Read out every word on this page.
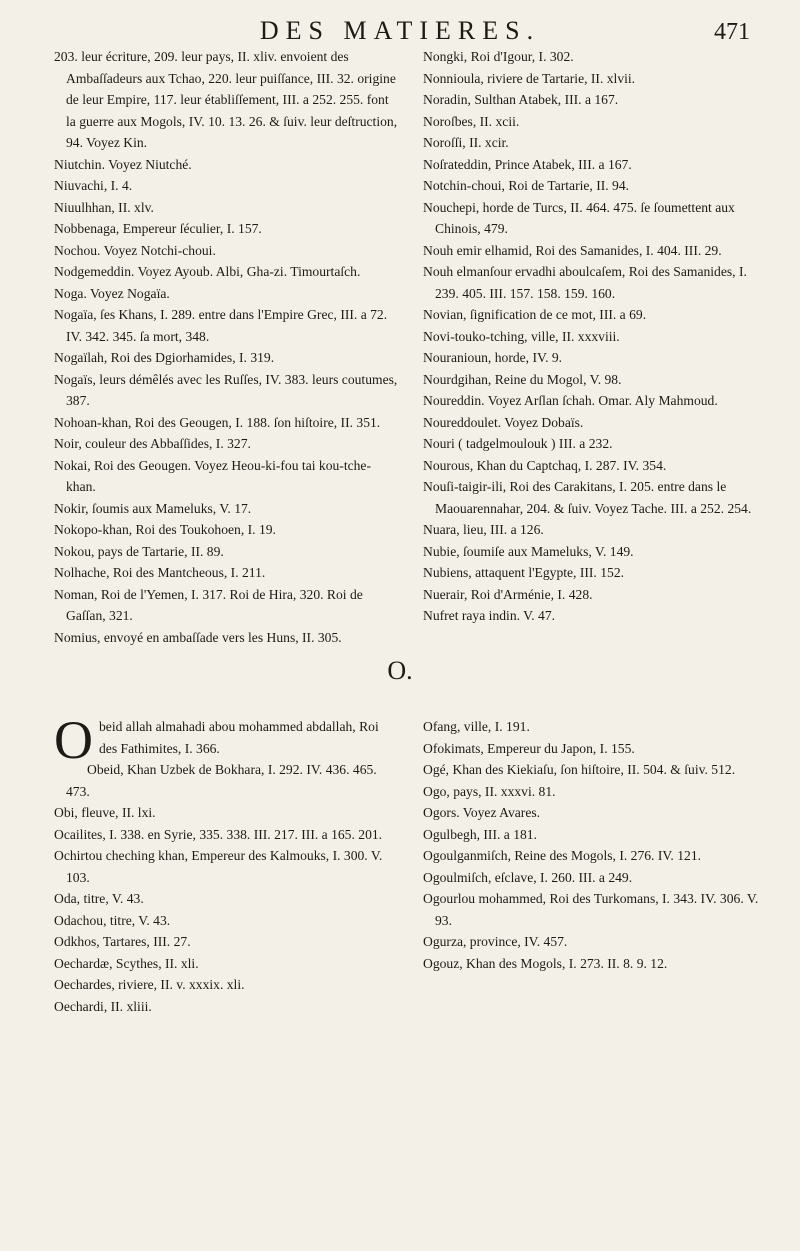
DES MATIERES.	471

203. leur écriture, 209. leur pays, II. xliv. envoient des Ambaſſadeurs aux Tchao, 220. leur puiſſance, III. 32. origine de leur Empire, 117. leur établiſſement, III. a 252. 255. font la guerre aux Mogols, IV. 10. 13. 26. & ſuiv. leur deſtruction, 94. Voyez Kin.

Niutchin. Voyez Niutché.

Niuvachi, I. 4.

Niuulhhan, II. xlv.

Nobbenaga, Empereur ſéculier, I. 157.

Nochou. Voyez Notchi-choui.

Nodgemeddin. Voyez Ayoub. Albi, Gha-zi. Timourtaſch.

Noga. Voyez Nogaïa.

Nogaïa, ſes Khans, I. 289. entre dans l'Empire Grec, III. a 72. IV. 342. 345. ſa mort, 348.

Nogaïlah, Roi des Dgiorhamides, I. 319.

Nogaïs, leurs démêlés avec les Ruſſes, IV. 383. leurs coutumes, 387.

Nohoan-khan, Roi des Geougen, I. 188. ſon hiſtoire, II. 351.

Noir, couleur des Abbaſſides, I. 327.

Nokai, Roi des Geougen. Voyez Heou-ki-fou tai kou-tche-khan.

Nokir, ſoumis aux Mameluks, V. 17.

Nokopo-khan, Roi des Toukohoen, I. 19.

Nokou, pays de Tartarie, II. 89.

Nolhache, Roi des Mantcheous, I. 211.

Noman, Roi de l'Yemen, I. 317. Roi de Hira, 320. Roi de Gaſſan, 321.

Nomius, envoyé en ambaſſade vers les Huns, II. 305.

Nongki, Roi d'Igour, I. 302.

Nonnioula, riviere de Tartarie, II. xlvii.

Noradin, Sulthan Atabek, III. a 167.

Noroſbes, II. xcii.

Noroſſi, II. xcir.

Noſrateddin, Prince Atabek, III. a 167.

Notchin-choui, Roi de Tartarie, II. 94.

Nouchepi, horde de Turcs, II. 464. 475. ſe ſoumettent aux Chinois, 479.

Nouh emir elhamid, Roi des Samanides, I. 404. III. 29.

Nouh elmanſour ervadhi aboulcaſem, Roi des Samanides, I. 239. 405. III. 157. 158. 159. 160.

Novian, ſignification de ce mot, III. a 69.

Novi-touko-tching, ville, II. xxxviii.

Nouranioun, horde, IV. 9.

Nourdgihan, Reine du Mogol, V. 98.

Noureddin. Voyez Arſlan ſchah. Omar. Aly Mahmoud.

Noureddoulet. Voyez Dobaïs.

Nouri ( tadgelmoulouk ) III. a 232.

Nourous, Khan du Captchaq, I. 287. IV. 354.

Nouſi-taigir-ili, Roi des Carakitans, I. 205. entre dans le Maouarennahar, 204. & ſuiv. Voyez Tache. III. a 252. 254.

Nuara, lieu, III. a 126.

Nubie, ſoumiſe aux Mameluks, V. 149.

Nubiens, attaquent l'Egypte, III. 152.

Nuerair, Roi d'Arménie, I. 428.

Nufret raya indin. V. 47.

O.

Obeid allah almahadi abou mohammed abdallah, Roi des Fathimites, I. 366.

Obeid, Khan Uzbek de Bokhara, I. 292. IV. 436. 465. 473.

Obi, fleuve, II. lxi.

Ocailites, I. 338. en Syrie, 335. 338. III. 217. III. a 165. 201.

Ochirtou cheching khan, Empereur des Kalmouks, I. 300. V. 103.

Oda, titre, V. 43.

Odachou, titre, V. 43.

Odkhos, Tartares, III. 27.

Oechardæ, Scythes, II. xli.

Oechardes, riviere, II. v. xxxix. xli.

Oechardi, II. xliii.

Ofang, ville, I. 191.

Ofokimats, Empereur du Japon, I. 155.

Ogé, Khan des Kiekiaſu, ſon hiſtoire, II. 504. & ſuiv. 512.

Ogo, pays, II. xxxvi. 81.

Ogors. Voyez Avares.

Ogulbegh, III. a 181.

Ogoulganmiſch, Reine des Mogols, I. 276. IV. 121.

Ogoulmiſch, eſclave, I. 260. III. a 249.

Ogourlou mohammed, Roi des Turkomans, I. 343. IV. 306. V. 93.

Ogurza, province, IV. 457.

Ogouz, Khan des Mogols, I. 273. II. 8. 9. 12.
